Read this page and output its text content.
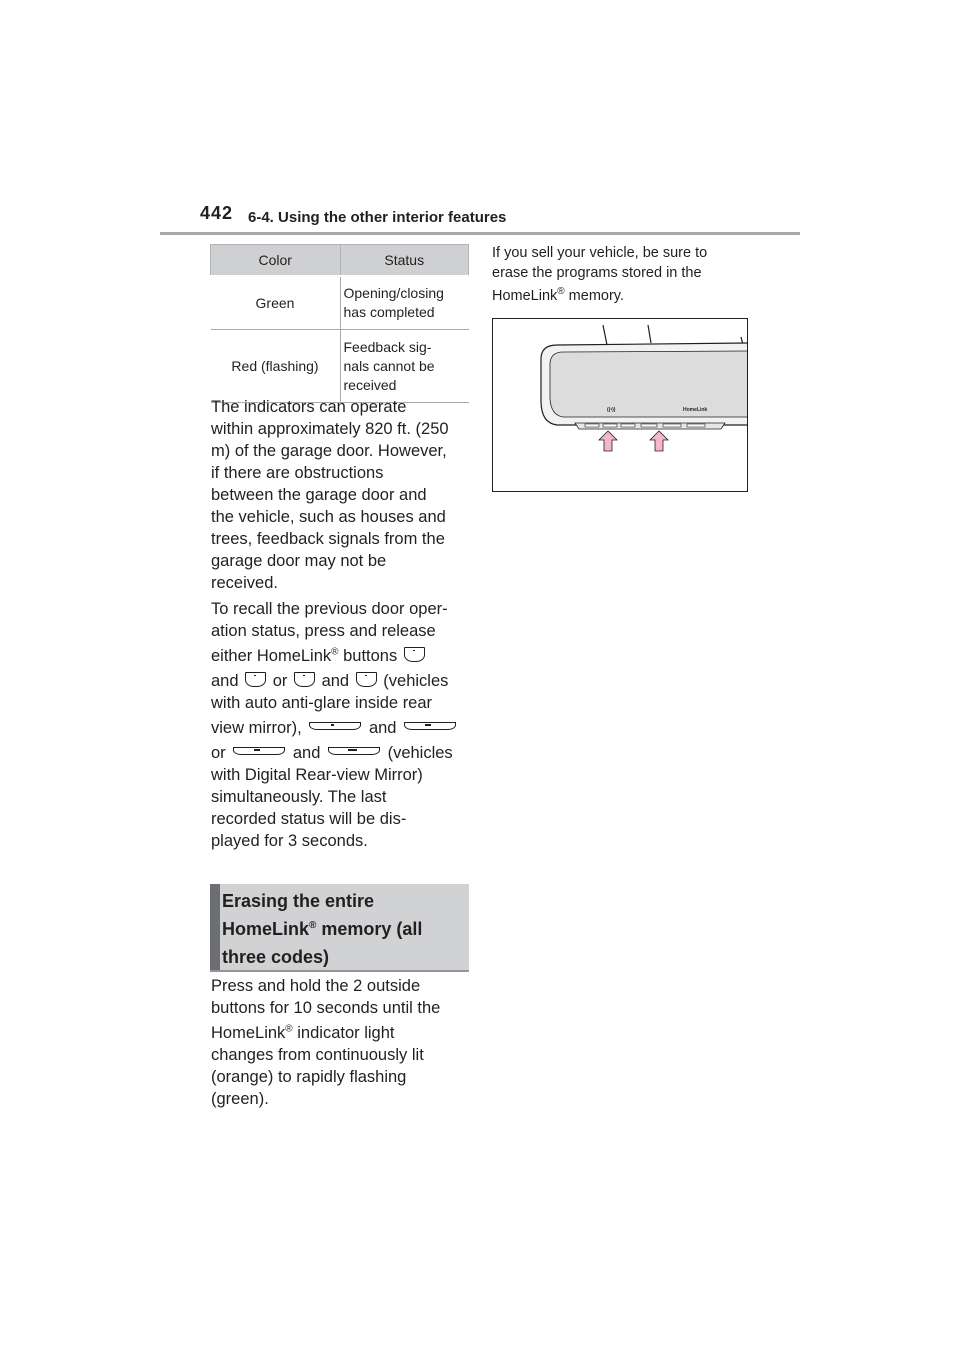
442 6-4. Using the other interior features
Color	Status
Green	Opening/closing
has completed

Red (flashing)	Feedback sig-
nals cannot be
received
The indicators can operate
within approximately 820 ft. (250
m) of the garage door. However,
if there are obstructions
between the garage door and
the vehicle, such as houses and
trees, feedback signals from the
garage door may not be
received.
To recall the previous door oper-
ation status, press and release
either HomeLink® buttons
and or and (vehicles
with auto anti-glare inside rear
view mirror),	and
or	and	(vehicles
with Digital Rear-view Mirror)
simultaneously. The last
recorded status will be dis-
played for 3 seconds.
Erasing the entire
HomeLink® memory (all
three codes)
Press and hold the 2 outside
buttons for 10 seconds until the
HomeLink® indicator light
changes from continuously lit
(orange) to rapidly flashing
(green).
If you sell your vehicle, be sure to
erase the programs stored in the
HomeLink® memory.
((•))	HomeLink
